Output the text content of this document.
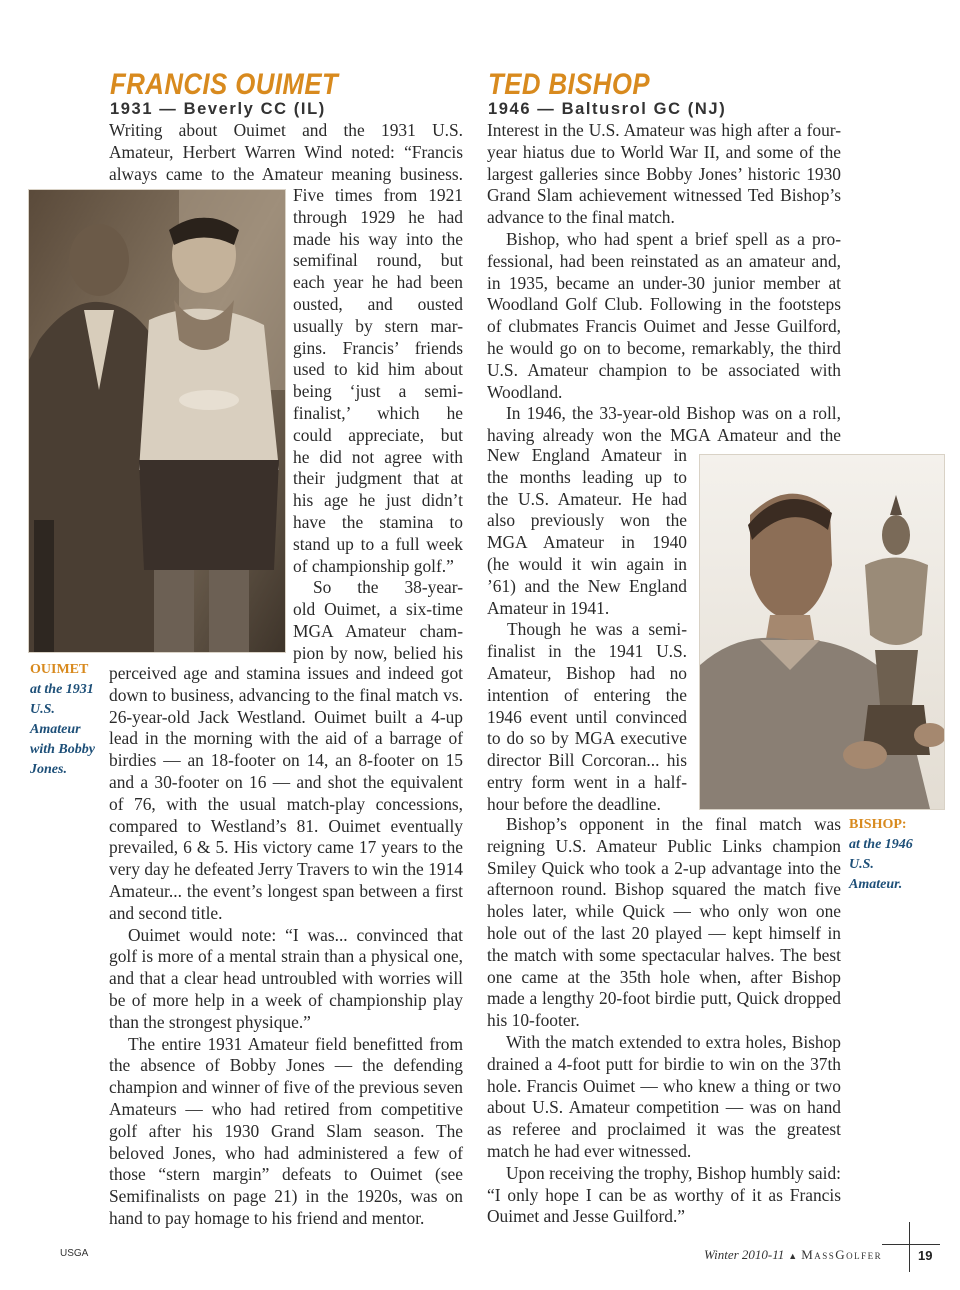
FRANCIS OUIMET
1931 — Beverly CC (IL)

Writing about Ouimet and the 1931 U.S.

Amateur, Herbert Warren Wind noted: “Francis

always came to the Amateur meaning business.

Five times from 1921

through 1929 he had

made his way into the

semifinal round, but

each year he had been

ousted, and ousted

usually by stern mar-

gins. Francis’ friends

used to kid him about

being ‘just a semi-

finalist,’ which he

could appreciate, but

he did not agree with

their judgment that at

his age he just didn’t

have the stamina to

stand up to a full week

of championship golf.”

So the 38-year-

old Ouimet, a six-time

MGA Amateur cham-

pion by now, belied his

OUIMET
at the 1931 U.S. Amateur with Bobby Jones.

perceived age and stamina issues and indeed got down to business, advancing to the final match vs. 26-year-old Jack Westland. Ouimet built a 4-up lead in the morning with the aid of a barrage of birdies — an 18-footer on 14, an 8-footer on 15 and a 30-footer on 16 — and shot the equivalent of 76, with the usual match-play concessions, compared to Westland’s 81. Ouimet eventually prevailed, 6 & 5. His victory came 17 years to the very day he defeated Jerry Travers to win the 1914 Amateur... the event’s longest span between a first and second title.

Ouimet would note: “I was... convinced that golf is more of a mental strain than a physical one, and that a clear head untroubled with worries will be of more help in a week of championship play than the strongest physique.”

The entire 1931 Amateur field benefitted from the absence of Bobby Jones — the defending champion and winner of five of the previous seven Amateurs — who had retired from competitive golf after his 1930 Grand Slam season. The beloved Jones, who had administered a few of those “stern margin” defeats to Ouimet (see Semifinalists on page 21) in the 1920s, was on hand to pay homage to his friend and mentor.

TED BISHOP
1946 — Baltusrol GC (NJ)

Interest in the U.S. Amateur was high after a four-year hiatus due to World War II, and some of the largest galleries since Bobby Jones’ historic 1930 Grand Slam achievement witnessed Ted Bishop’s advance to the final match.

Bishop, who had spent a brief spell as a professional, had been reinstated as an amateur and, in 1935, became an under-30 junior member at Woodland Golf Club. Following in the footsteps of clubmates Francis Ouimet and Jesse Guilford, he would go on to become, remarkably, the third U.S. Amateur champion to be associated with Woodland.

In 1946, the 33-year-old Bishop was on a roll, having already won the MGA Amateur and the

New England Amateur in

the months leading up to

the U.S. Amateur. He had

also previously won the

MGA Amateur in 1940

(he would it win again in

’61) and the New England

Amateur in 1941.

Though he was a semi-

finalist in the 1941 U.S.

Amateur, Bishop had no

intention of entering the

1946 event until convinced

to do so by MGA executive

director Bill Corcoran... his

entry form went in a half-

hour before the deadline.

BISHOP:
at the 1946 U.S. Amateur.

Bishop’s opponent in the final match was reigning U.S. Amateur Public Links champion Smiley Quick who took a 2-up advantage into the afternoon round. Bishop squared the match five holes later, while Quick — who only won one hole out of the last 20 played — kept himself in the match with some spectacular halves. The best one came at the 35th hole when, after Bishop made a lengthy 20-foot birdie putt, Quick dropped his 10-footer.

With the match extended to extra holes, Bishop drained a 4-foot putt for birdie to win on the 37th hole. Francis Ouimet — who knew a thing or two about U.S. Amateur competition — was on hand as referee and proclaimed it was the greatest match he had ever witnessed.

Upon receiving the trophy, Bishop humbly said: “I only hope I can be as worthy of it as Francis Ouimet and Jesse Guilford.”

USGA	Winter 2010-11 ▲ MassGolfer	19
